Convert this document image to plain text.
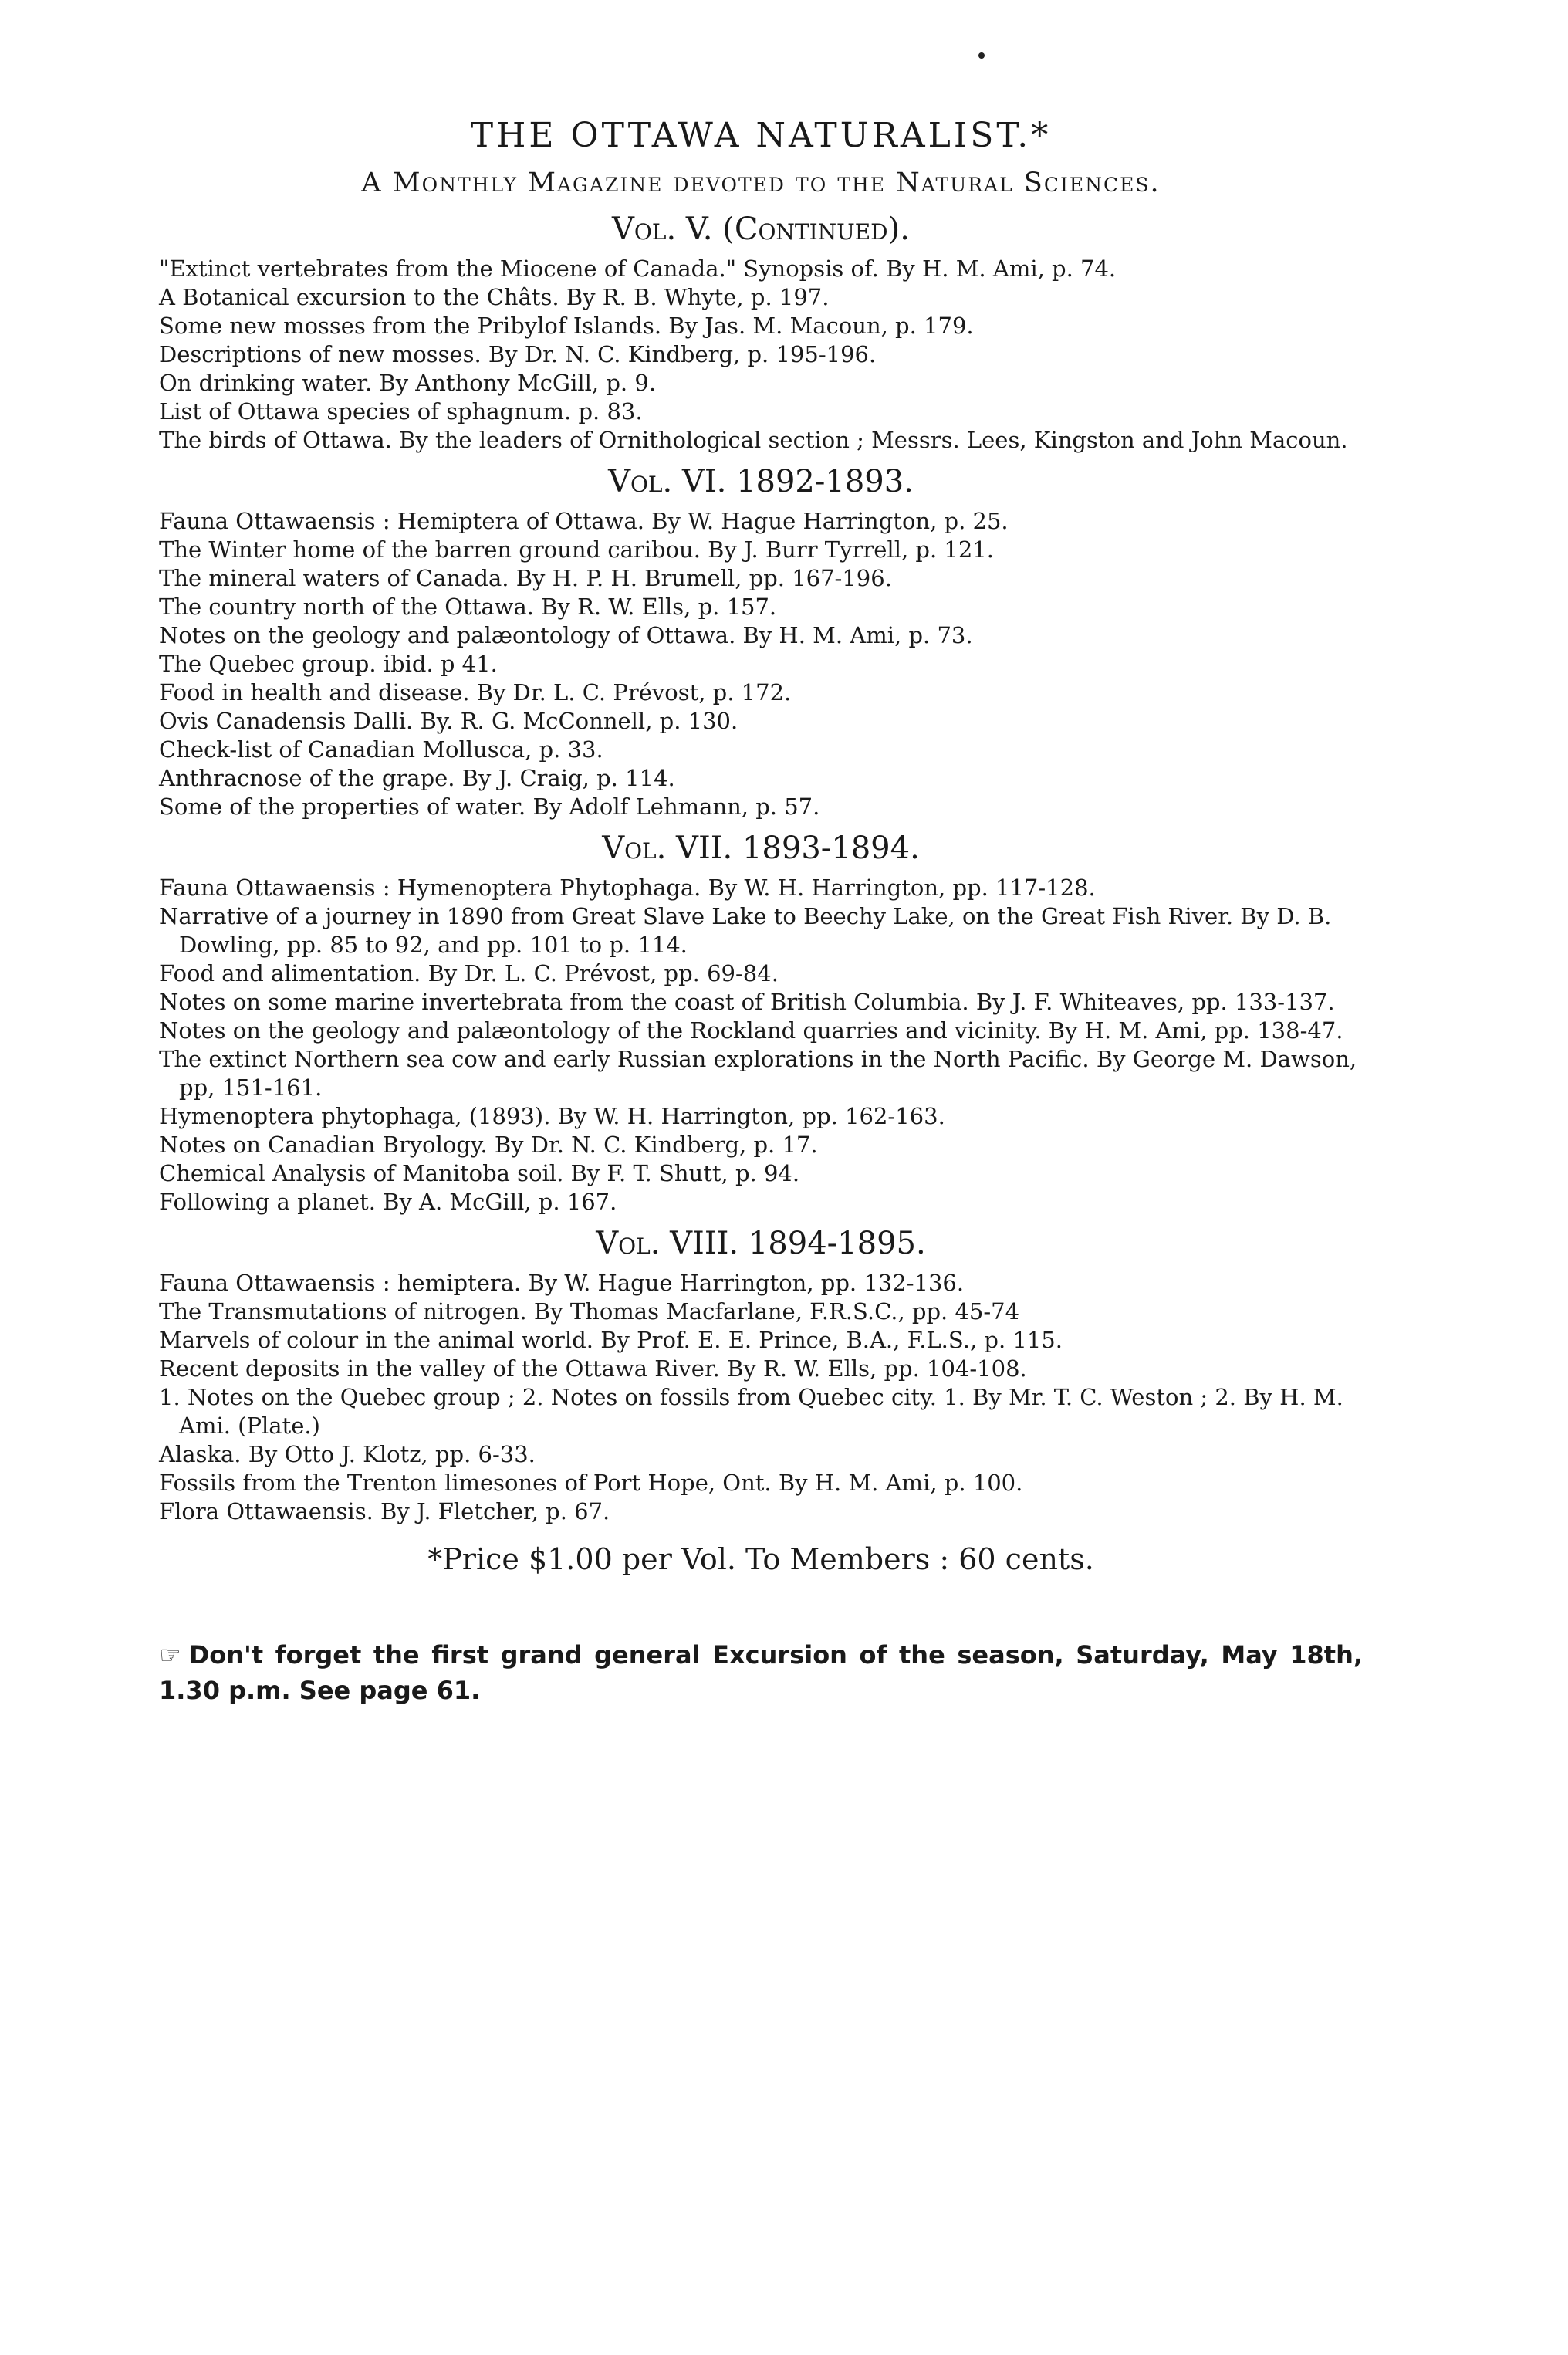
THE OTTAWA NATURALIST.*
A Monthly Magazine devoted to the Natural Sciences.
Vol. V. (Continued).

"Extinct vertebrates from the Miocene of Canada." Synopsis of. By H. M. Ami, p. 74.

A Botanical excursion to the Châts. By R. B. Whyte, p. 197.

Some new mosses from the Pribylof Islands. By Jas. M. Macoun, p. 179.

Descriptions of new mosses. By Dr. N. C. Kindberg, p. 195-196.

On drinking water. By Anthony McGill, p. 9.

List of Ottawa species of sphagnum. p. 83.

The birds of Ottawa. By the leaders of Ornithological section ; Messrs. Lees, Kingston and John Macoun.

Vol. VI. 1892-1893.

Fauna Ottawaensis : Hemiptera of Ottawa. By W. Hague Harrington, p. 25.

The Winter home of the barren ground caribou. By J. Burr Tyrrell, p. 121.

The mineral waters of Canada. By H. P. H. Brumell, pp. 167-196.

The country north of the Ottawa. By R. W. Ells, p. 157.

Notes on the geology and palæontology of Ottawa. By H. M. Ami, p. 73.

The Quebec group. ibid. p 41.

Food in health and disease. By Dr. L. C. Prévost, p. 172.

Ovis Canadensis Dalli. By. R. G. McConnell, p. 130.

Check-list of Canadian Mollusca, p. 33.

Anthracnose of the grape. By J. Craig, p. 114.

Some of the properties of water. By Adolf Lehmann, p. 57.

Vol. VII. 1893-1894.

Fauna Ottawaensis : Hymenoptera Phytophaga. By W. H. Harrington, pp. 117-128.

Narrative of a journey in 1890 from Great Slave Lake to Beechy Lake, on the Great Fish River. By D. B. Dowling, pp. 85 to 92, and pp. 101 to p. 114.

Food and alimentation. By Dr. L. C. Prévost, pp. 69-84.

Notes on some marine invertebrata from the coast of British Columbia. By J. F. Whiteaves, pp. 133-137.

Notes on the geology and palæontology of the Rockland quarries and vicinity. By H. M. Ami, pp. 138-47.

The extinct Northern sea cow and early Russian explorations in the North Pacific. By George M. Dawson, pp, 151-161.

Hymenoptera phytophaga, (1893). By W. H. Harrington, pp. 162-163.

Notes on Canadian Bryology. By Dr. N. C. Kindberg, p. 17.

Chemical Analysis of Manitoba soil. By F. T. Shutt, p. 94.

Following a planet. By A. McGill, p. 167.

Vol. VIII. 1894-1895.

Fauna Ottawaensis : hemiptera. By W. Hague Harrington, pp. 132-136.

The Transmutations of nitrogen. By Thomas Macfarlane, F.R.S.C., pp. 45-74

Marvels of colour in the animal world. By Prof. E. E. Prince, B.A., F.L.S., p. 115.

Recent deposits in the valley of the Ottawa River. By R. W. Ells, pp. 104-108.

1. Notes on the Quebec group ; 2. Notes on fossils from Quebec city. 1. By Mr. T. C. Weston ; 2. By H. M. Ami. (Plate.)

Alaska. By Otto J. Klotz, pp. 6-33.

Fossils from the Trenton limesones of Port Hope, Ont. By H. M. Ami, p. 100.

Flora Ottawaensis. By J. Fletcher, p. 67.

*Price $1.00 per Vol. To Members : 60 cents.
☞ Don't forget the first grand general Excursion of the season, Saturday, May 18th, 1.30 p.m. See page 61.
